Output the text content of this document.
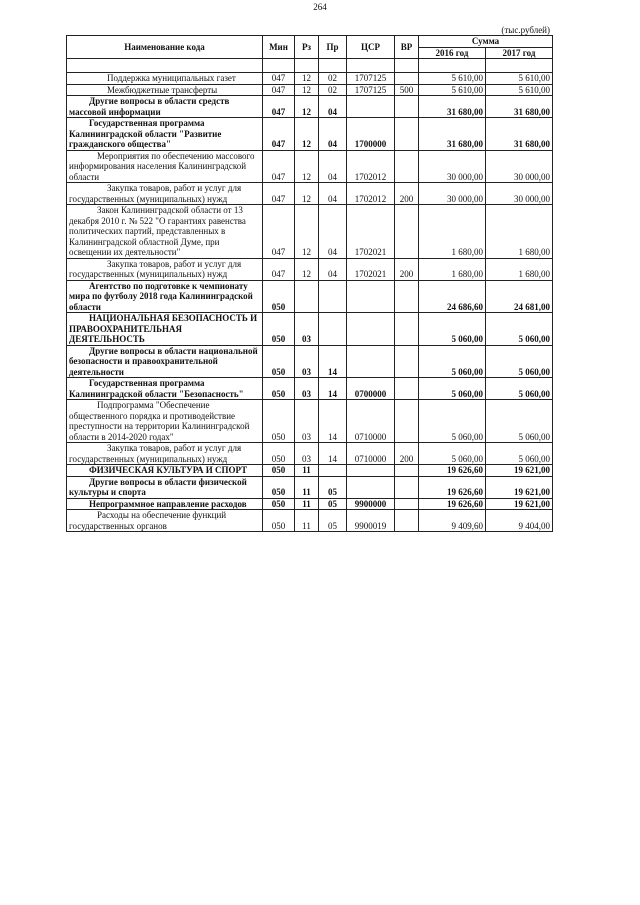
264
(тыс.рублей)
Наименование кода	Мин	Рз	Пр	ЦСР	ВР	Сумма	
						2016 год	2017 год

Поддержка муниципальных газет	047	12	02	1707125		5 610,00	5 610,00
Межбюджетные трансферты	047	12	02	1707125	500	5 610,00	5 610,00
Другие вопросы в области средств массовой информации	047	12	04			31 680,00	31 680,00
Государственная программа Калининградской области "Развитие гражданского общества"	047	12	04	1700000		31 680,00	31 680,00
Мероприятия по обеспечению массового информирования населения Калининградской области	047	12	04	1702012		30 000,00	30 000,00
Закупка товаров, работ и услуг для государственных (муниципальных) нужд	047	12	04	1702012	200	30 000,00	30 000,00
Закон Калининградской области от 13 декабря 2010 г. № 522 "О гарантиях равенства политических партий, представленных в Калининградской областной Думе, при освещении их деятельности"	047	12	04	1702021		1 680,00	1 680,00
Закупка товаров, работ и услуг для государственных (муниципальных) нужд	047	12	04	1702021	200	1 680,00	1 680,00
Агентство по подготовке к чемпионату мира по футболу 2018 года Калининградской области	050					24 686,60	24 681,00
НАЦИОНАЛЬНАЯ БЕЗОПАСНОСТЬ И ПРАВООХРАНИТЕЛЬНАЯ ДЕЯТЕЛЬНОСТЬ	050	03				5 060,00	5 060,00
Другие вопросы в области национальной безопасности и правоохранительной деятельности	050	03	14			5 060,00	5 060,00
Государственная программа Калининградской области "Безопасность"	050	03	14	0700000		5 060,00	5 060,00
Подпрограмма "Обеспечение общественного порядка и противодействие преступности на территории Калининградской области в 2014-2020 годах"	050	03	14	0710000		5 060,00	5 060,00
Закупка товаров, работ и услуг для государственных (муниципальных) нужд	050	03	14	0710000	200	5 060,00	5 060,00
ФИЗИЧЕСКАЯ КУЛЬТУРА И СПОРТ	050	11				19 626,60	19 621,00
Другие вопросы в области физической культуры и спорта	050	11	05			19 626,60	19 621,00
Непрограммное направление расходов	050	11	05	9900000		19 626,60	19 621,00
Расходы на обеспечение функций государственных органов	050	11	05	9900019		9 409,60	9 404,00
